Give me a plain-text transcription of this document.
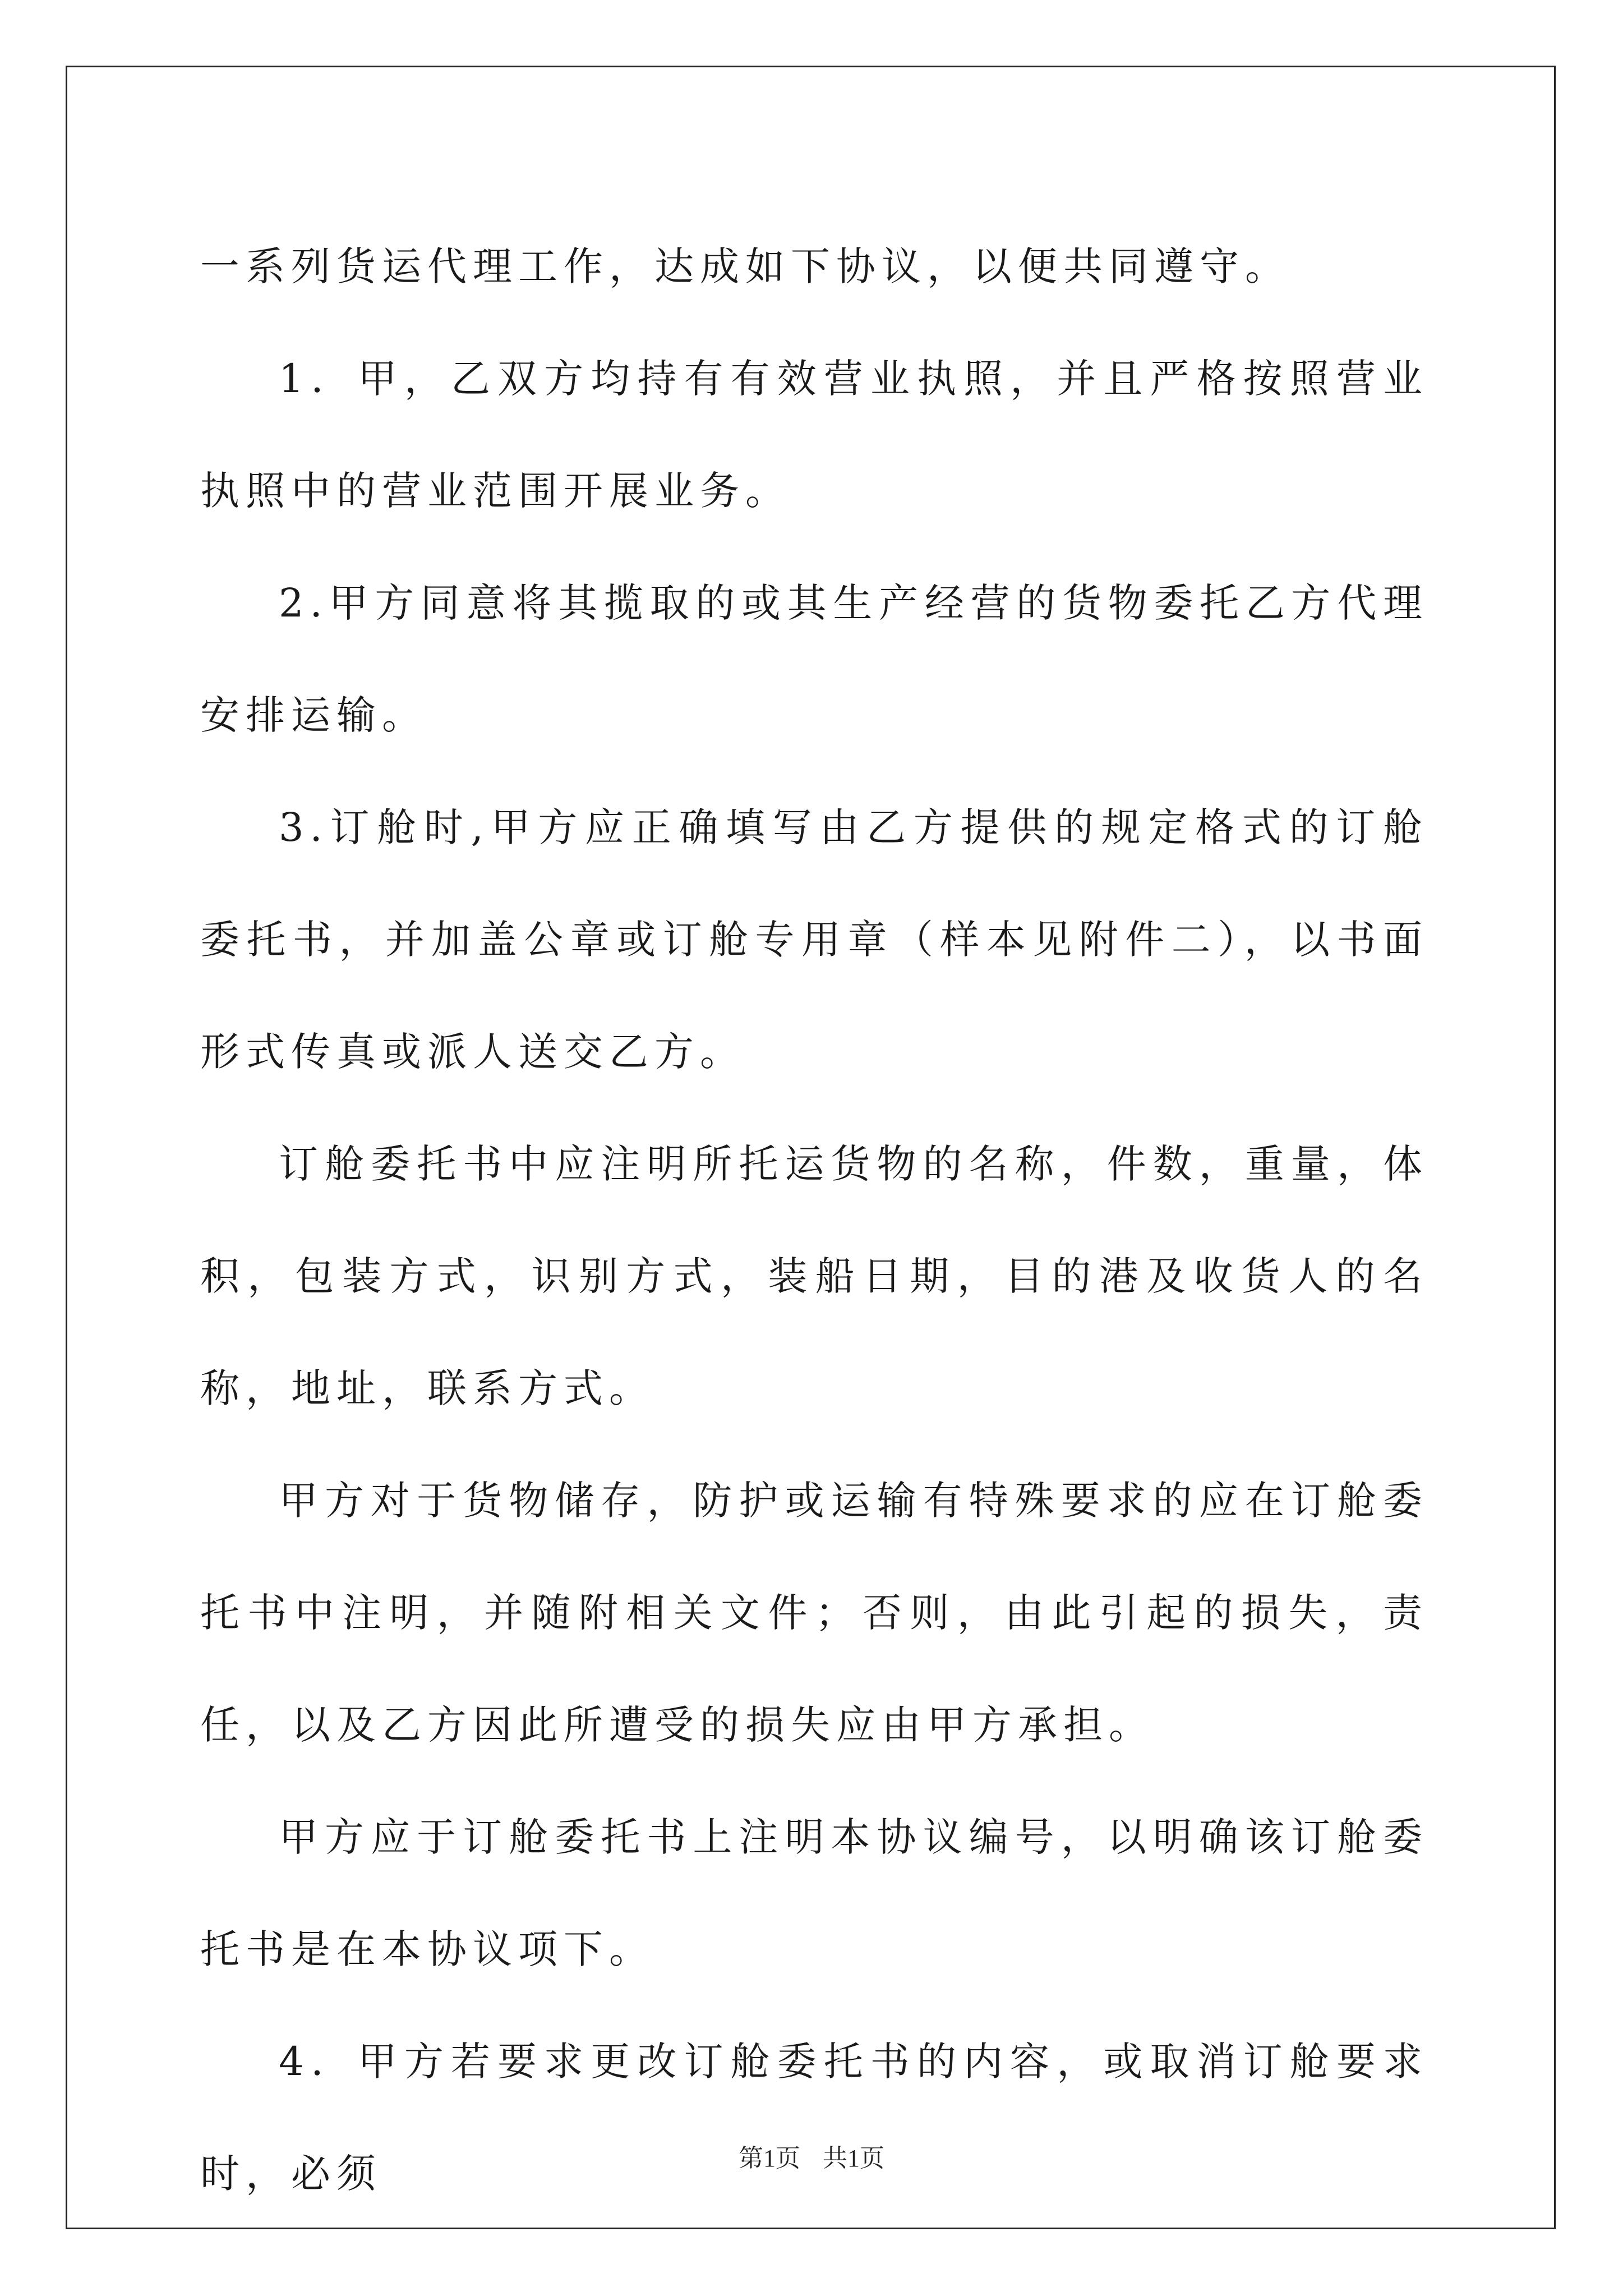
一系列货运代理工作，达成如下协议，以便共同遵守。

1．甲，乙双方均持有有效营业执照，并且严格按照营业执照中的营业范围开展业务。

2.甲方同意将其揽取的或其生产经营的货物委托乙方代理安排运输。

3.订舱时,甲方应正确填写由乙方提供的规定格式的订舱委托书，并加盖公章或订舱专用章（样本见附件二），以书面形式传真或派人送交乙方。

订舱委托书中应注明所托运货物的名称，件数，重量，体积，包装方式，识别方式，装船日期，目的港及收货人的名称，地址，联系方式。

甲方对于货物储存，防护或运输有特殊要求的应在订舱委托书中注明，并随附相关文件；否则，由此引起的损失，责任，以及乙方因此所遭受的损失应由甲方承担。

甲方应于订舱委托书上注明本协议编号，以明确该订舱委托书是在本协议项下。

4．甲方若要求更改订舱委托书的内容，或取消订舱要求时，必须	第1页 共1页
